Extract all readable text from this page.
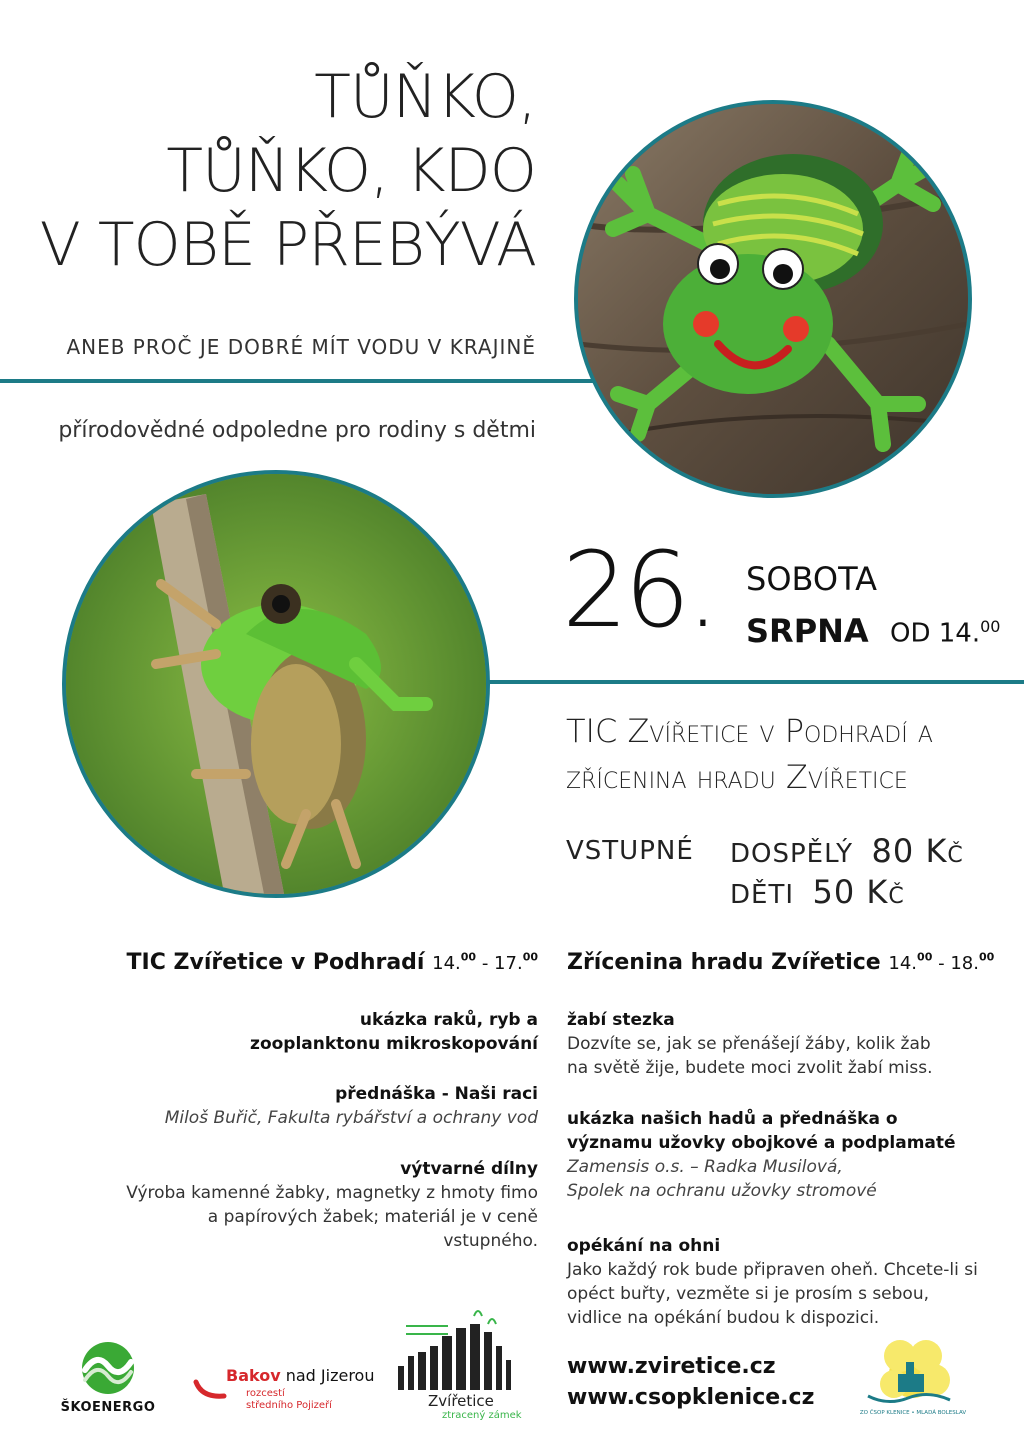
TŮŇKO,
TŮŇKO, KDO
V TOBĚ PŘEBÝVÁ
ANEB PROČ JE DOBRÉ MÍT VODU V KRAJINĚ
přírodovědné odpoledne pro rodiny s dětmi
26. SOBOTA
SRPNA OD 14.00
TIC Zvířetice v Podhradí a
zřícenina hradu Zvířetice
VSTUPNÉ DOSPĚLÝ 80 Kč
DĚTI 50 Kč
TIC Zvířetice v Podhradí 14.00 - 17.00
ukázka raků, ryb a zooplanktonu mikroskopování
přednáška - Naši raci
Miloš Buřič, Fakulta rybářství a ochrany vod
výtvarné dílny
Výroba kamenné žabky, magnetky z hmoty fimo a papírových žabek; materiál je v ceně vstupného.
Zřícenina hradu Zvířetice 14.00 - 18.00
žabí stezka
Dozvíte se, jak se přenášejí žáby, kolik žab na světě žije, budete moci zvolit žabí miss.
ukázka našich hadů a přednáška o významu užovky obojkové a podplamaté
Zamensis o.s. – Radka Musilová,
Spolek na ochranu užovky stromové
opékání na ohni
Jako každý rok bude připraven oheň. Chcete-li si opéct buřty, vezměte si je prosím s sebou, vidlice na opékání budou k dispozici.
www.zviretice.cz
www.csopklenice.cz
ŠKOENERGO
Bakov nad Jizerou
rozcestí
středního Pojizeří	Zvířetice
ztracený zámek	ZO ČSOP KLENICE • MLADÁ BOLESLAV
